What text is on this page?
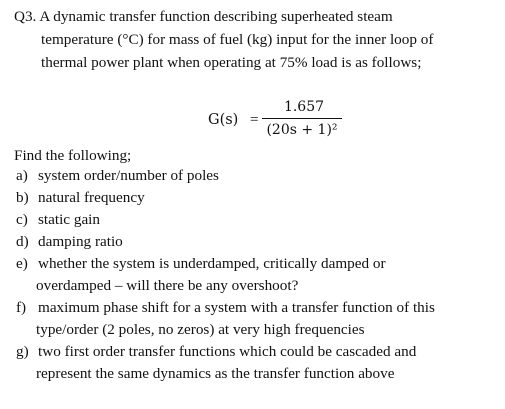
Q3. A dynamic transfer function describing superheated steam
temperature (°C) for mass of fuel (kg) input for the inner loop of
thermal power plant when operating at 75% load is as follows;
G(s) =
1.657
(20s + 1)²
Find the following;
a) system order/number of poles
b) natural frequency
c) static gain
d) damping ratio
e) whether the system is underdamped, critically damped or
overdamped – will there be any overshoot?
f) maximum phase shift for a system with a transfer function of this
type/order (2 poles, no zeros) at very high frequencies
g) two first order transfer functions which could be cascaded and
represent the same dynamics as the transfer function above
